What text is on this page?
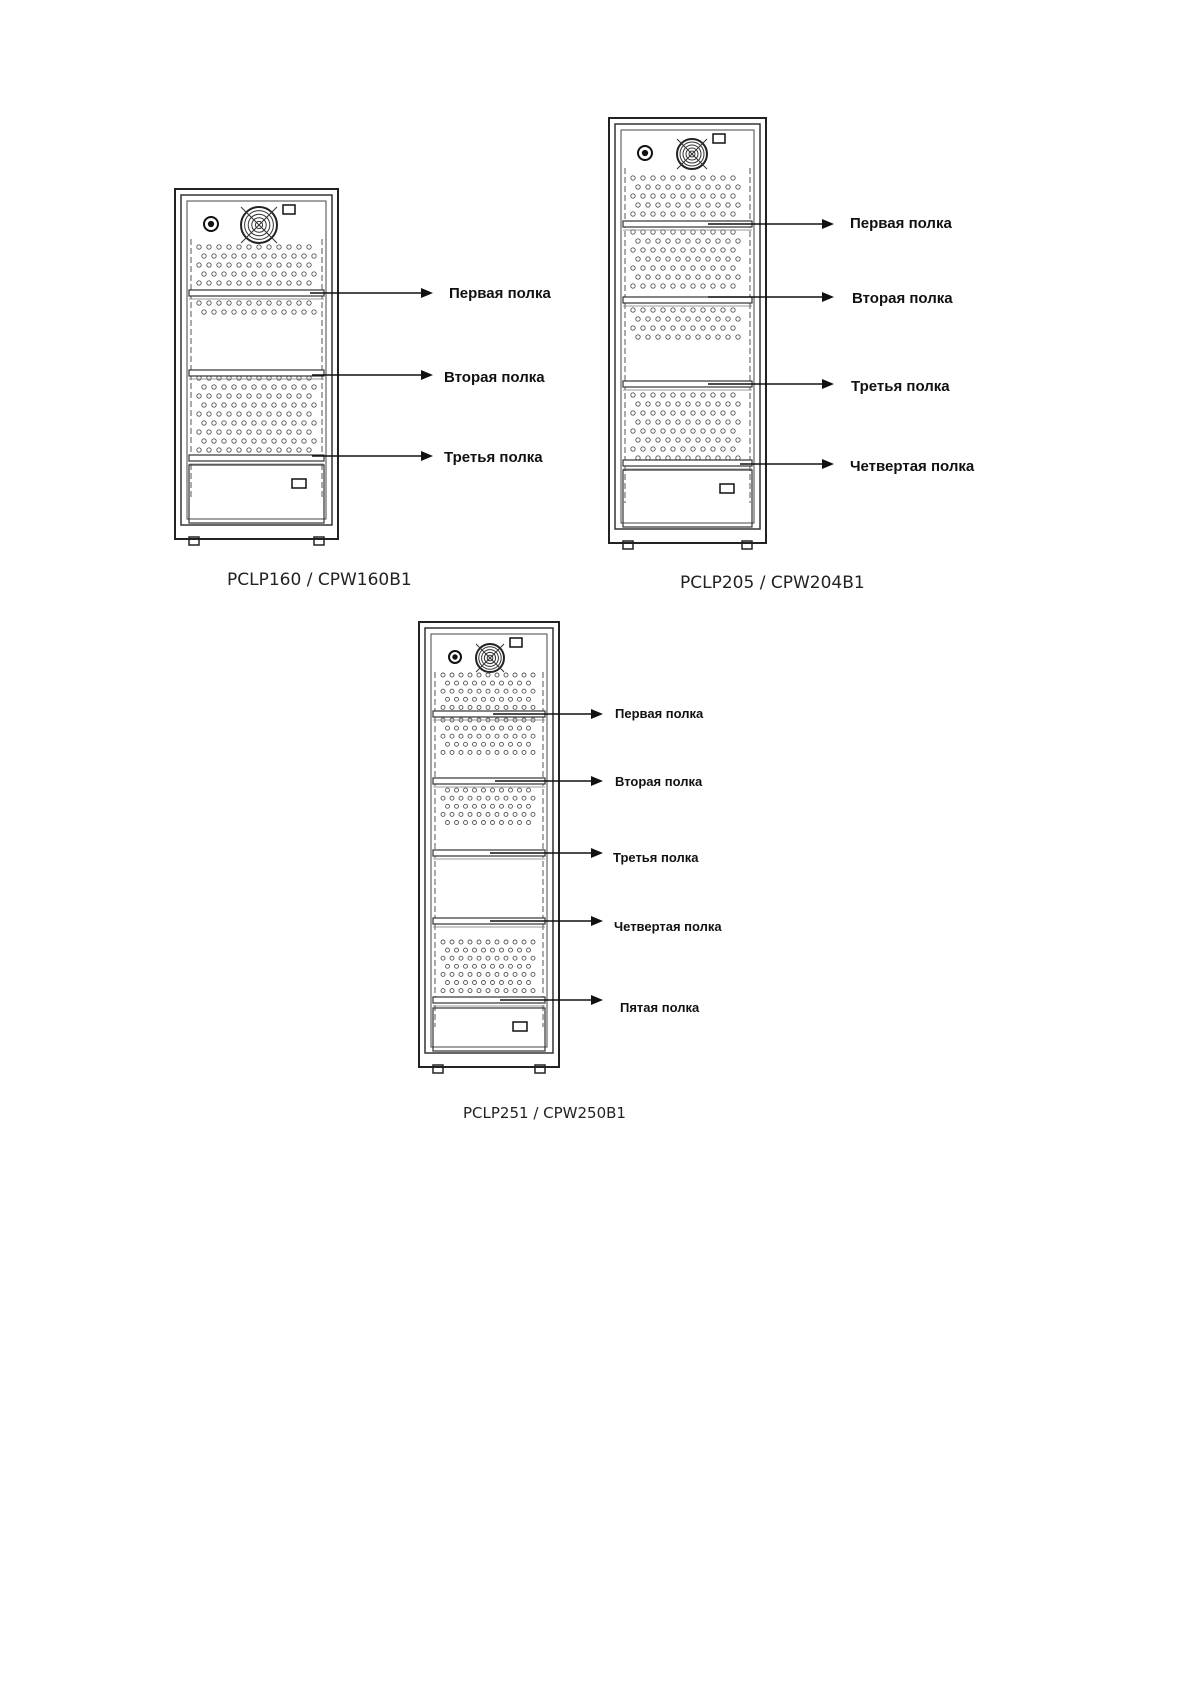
Первая полка
Вторая полка
Третья полка
PCLP160 / CPW160B1
Первая полка
Вторая полка
Третья полка
Четвертая полка
PCLP205 / CPW204B1
Первая полка
Вторая полка
Третья полка
Четвертая полка
Пятая полка
PCLP251 / CPW250B1
